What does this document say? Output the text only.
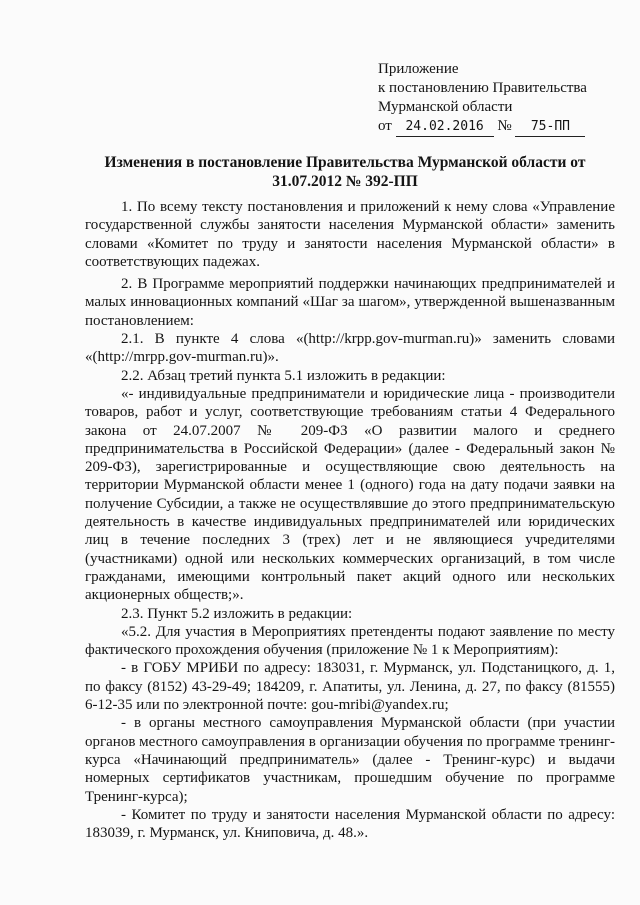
Приложение
к постановлению Правительства
Мурманской области
от 24.02.2016 № 75-ПП
Изменения в постановление Правительства Мурманской области от 31.07.2012 № 392-ПП

1. По всему тексту постановления и приложений к нему слова «Управление государственной службы занятости населения Мурманской области» заменить словами «Комитет по труду и занятости населения Мурманской области» в соответствующих падежах.

2. В Программе мероприятий поддержки начинающих предпринимателей и малых инновационных компаний «Шаг за шагом», утвержденной вышеназванным постановлением:

2.1. В пункте 4 слова «(http://krpp.gov-murman.ru)» заменить словами «(http://mrpp.gov-murman.ru)».

2.2. Абзац третий пункта 5.1 изложить в редакции:

«- индивидуальные предприниматели и юридические лица - производители товаров, работ и услуг, соответствующие требованиям статьи 4 Федерального закона от 24.07.2007 № 209-ФЗ «О развитии малого и среднего предпринимательства в Российской Федерации» (далее - Федеральный закон № 209-ФЗ), зарегистрированные и осуществляющие свою деятельность на территории Мурманской области менее 1 (одного) года на дату подачи заявки на получение Субсидии, а также не осуществлявшие до этого предпринимательскую деятельность в качестве индивидуальных предпринимателей или юридических лиц в течение последних 3 (трех) лет и не являющиеся учредителями (участниками) одной или нескольких коммерческих организаций, в том числе гражданами, имеющими контрольный пакет акций одного или нескольких акционерных обществ;».

2.3. Пункт 5.2 изложить в редакции:

«5.2. Для участия в Мероприятиях претенденты подают заявление по месту фактического прохождения обучения (приложение № 1 к Мероприятиям):

- в ГОБУ МРИБИ по адресу: 183031, г. Мурманск, ул. Подстаницкого, д. 1, по факсу (8152) 43-29-49; 184209, г. Апатиты, ул. Ленина, д. 27, по факсу (81555) 6-12-35 или по электронной почте: gou-mribi@yandex.ru;

- в органы местного самоуправления Мурманской области (при участии органов местного самоуправления в организации обучения по программе тренинг-курса «Начинающий предприниматель» (далее - Тренинг-курс) и выдачи номерных сертификатов участникам, прошедшим обучение по программе Тренинг-курса);

- Комитет по труду и занятости населения Мурманской области по адресу: 183039, г. Мурманск, ул. Книповича, д. 48.».
